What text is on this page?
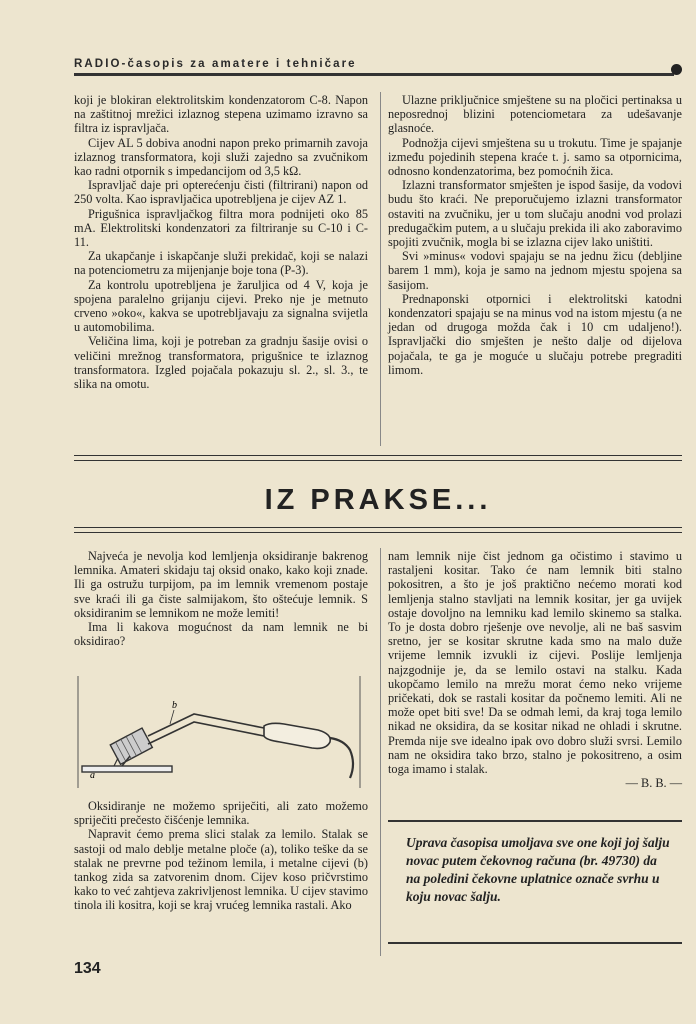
RADIO-časopis za amatere i tehničare

koji je blokiran elektrolitskim kondenzatorom C-8. Napon na zaštitnoj mrežici izlaznog stepena uzimamo izravno sa filtra iz ispravljača.

Cijev AL 5 dobiva anodni napon preko primarnih zavoja izlaznog transformatora, koji služi zajedno sa zvučnikom kao radni otpornik s impedancijom od 3,5 kΩ.

Ispravljač daje pri opterećenju čisti (filtrirani) napon od 250 volta. Kao ispravljačica upotrebljena je cijev AZ 1.

Prigušnica ispravljačkog filtra mora podnijeti oko 85 mA. Elektrolitski kondenzatori za filtriranje su C-10 i C-11.

Za ukapčanje i iskapčanje služi prekidač, koji se nalazi na potenciometru za mijenjanje boje tona (P-3).

Za kontrolu upotrebljena je žaruljica od 4 V, koja je spojena paralelno grijanju cijevi. Preko nje je metnuto crveno »oko«, kakva se upotrebljavaju za signalna svijetla u automobilima.

Veličina lima, koji je potreban za gradnju šasije ovisi o veličini mrežnog transformatora, prigušnice te izlaznog transformatora. Izgled pojačala pokazuju sl. 2., sl. 3., te slika na omotu.

Ulazne priključnice smještene su na pločici pertinaksa u neposrednoj blizini potenciometara za udešavanje glasnoće.

Podnožja cijevi smještena su u trokutu. Time je spajanje između pojedinih stepena kraće t. j. samo sa otpornicima, odnosno kondenzatorima, bez pomoćnih žica.

Izlazni transformator smješten je ispod šasije, da vodovi budu što kraći. Ne preporučujemo izlazni transformator ostaviti na zvučniku, jer u tom slučaju anodni vod prolazi predugačkim putem, a u slučaju prekida ili ako zaboravimo spojiti zvučnik, mogla bi se izlazna cijev lako uništiti.

Svi »minus« vodovi spajaju se na jednu žicu (debljine barem 1 mm), koja je samo na jednom mjestu spojena sa šasijom.

Prednaponski otpornici i elektrolitski katodni kondenzatori spajaju se na minus vod na istom mjestu (a ne jedan od drugoga možda čak i 10 cm udaljeno!). Ispravljački dio smješten je nešto dalje od dijelova pojačala, te ga je moguće u slučaju potrebe pregraditi limom.

IZ PRAKSE...

Najveća je nevolja kod lemljenja oksidiranje bakrenog lemnika. Amateri skidaju taj oksid onako, kako koji znade. Ili ga ostružu turpijom, pa im lemnik vremenom postaje sve kraći ili ga čiste salmijakom, što oštećuje lemnik. S oksidiranim se lemnikom ne može lemiti!

Ima li kakova mogućnost da nam lemnik ne bi oksidirao?

b
a

Oksidiranje ne možemo spriječiti, ali zato možemo spriječiti prečesto čišćenje lemnika.

Napravit ćemo prema slici stalak za lemilo. Stalak se sastoji od malo deblje metalne ploče (a), toliko teške da se stalak ne prevrne pod težinom lemila, i metalne cijevi (b) tankog zida sa zatvorenim dnom. Cijev koso pričvrstimo kako to već zahtjeva zakrivljenost lemnika. U cijev stavimo tinola ili kositra, koji se kraj vrućeg lemnika rastali. Ako

nam lemnik nije čist jednom ga očistimo i stavimo u rastaljeni kositar. Tako će nam lemnik biti stalno pokositren, a što je još praktično nećemo morati kod lemljenja stalno stavljati na lemnik kositar, jer ga uvijek ostaje dovoljno na lemniku kad lemilo skinemo sa stalka. To je dosta dobro rješenje ove nevolje, ali ne baš sasvim sretno, jer se kositar skrutne kada smo na malo duže vrijeme lemnik izvukli iz cijevi. Poslije lemljenja najzgodnije je, da se lemilo ostavi na stalku. Kada ukopčamo lemilo na mrežu morat ćemo neko vrijeme pričekati, dok se rastali kositar da počnemo lemiti. Ali ne može opet biti sve! Da se odmah lemi, da kraj toga lemilo nikad ne oksidira, da se kositar nikad ne ohladi i skrutne. Premda nije sve idealno ipak ovo dobro služi svrsi. Lemilo nam ne oksidira tako brzo, stalno je pokositreno, a osim toga imamo i stalak.

— B. B. —

Uprava časopisa umoljava sve one koji joj šalju novac putem čekovnog računa (br. 49730) da na poledini čekovne uplatnice označe svrhu u koju novac šalju.
134
